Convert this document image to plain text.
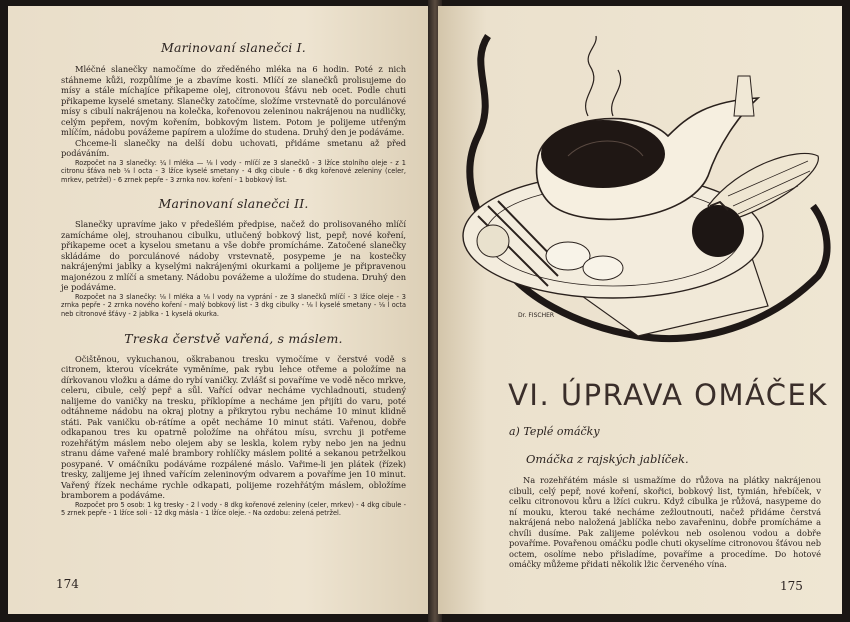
Marinovaní slanečci I.

Mléčné slanečky namočíme do zředěného mléka na 6 hodin. Poté z nich stáhneme kůži, rozpůlíme je a zbavíme kosti. Mlíčí ze slanečků prolisujeme do mísy a stále míchajíce přikapeme olej, citronovou šťávu neb ocet. Podle chuti přikapeme kyselé smetany. Slanečky zatočíme, složíme vrstevnatě do porculánové mísy s cibulí nakrájenou na kolečka, kořenovou zeleninou nakrájenou na nudličky, celým pepřem, novým kořením, bobkovým listem. Potom je polijeme utřeným mlíčím, nádobu povážeme papírem a uložíme do studena. Druhý den je podáváme.

Chceme-li slanečky na delší dobu uchovati, přidáme smetanu až před podáváním.

Rozpočet na 3 slanečky: ¼ l mléka — ⅛ l vody - mlíčí ze 3 slanečků - 3 lžíce stolního oleje - z 1 citronu šťáva neb ⅛ l octa - 3 lžíce kyselé smetany - 4 dkg cibule - 6 dkg kořenové zeleniny (celer, mrkev, petržel) - 6 zrnek pepře - 3 zrnka nov. koření - 1 bobkový list.

Marinovaní slanečci II.

Slanečky upravíme jako v předešlém předpise, načež do prolisovaného mlíčí zamícháme olej, strouhanou cibulku, utlučený bobkový list, pepř, nové koření, přikapeme ocet a kyselou smetanu a vše dobře promícháme. Zatočené slanečky skládáme do porculánové nádoby vrstevnatě, posypeme je na kostečky nakrájenými jablky a kyselými nakrájenými okurkami a polijeme je připravenou majonézou z mlíčí a smetany. Nádobu povážeme a uložíme do studena. Druhý den je podáváme.

Rozpočet na 3 slanečky: ⅛ l mléka a ⅛ l vody na vyprání - ze 3 slanečků mlíčí - 3 lžíce oleje - 3 zrnka pepře - 2 zrnka nového koření - malý bobkový list - 3 dkg cibulky - ⅛ l kyselé smetany - ⅛ l octa neb citronové šťávy - 2 jablka - 1 kyselá okurka.

Treska čerstvě vařená, s máslem.

Očištěnou, vykuchanou, oškrabanou tresku vymočíme v čerstvé vodě s citronem, kterou vícekráte vyměníme, pak rybu lehce otřeme a položíme na dírkovanou vložku a dáme do rybí vaničky. Zvlášť si povaříme ve vodě něco mrkve, celeru, cibule, celý pepř a sůl. Vařící odvar necháme vychladnouti, studený nalijeme do vaničky na tresku, příklopíme a necháme jen přijíti do varu, poté odtáhneme nádobu na okraj plotny a přikrytou rybu necháme 10 minut klidně státi. Pak vaničku ob-rátíme a opět necháme 10 minut státi. Vařenou, dobře odkapanou tres ku opatrně položíme na ohřátou mísu, svrchu ji potřeme rozehřátým máslem nebo olejem aby se leskla, kolem ryby nebo jen na jednu stranu dáme vařené malé brambory rohlíčky máslem polité a sekanou petrželkou posypané. V omáčníku podáváme rozpálené máslo. Vařime-li jen plátek (řízek) tresky, zalijeme jej ihned vařícím zeleninovým odvarem a povaříme jen 10 minut. Vařený řízek necháme rychle odkapati, polijeme rozehřátým máslem, obložíme bramborem a podáváme.

Rozpočet pro 5 osob: 1 kg tresky - 2 l vody - 8 dkg kořenové zeleniny (celer, mrkev) - 4 dkg cibule - 5 zrnek pepře - 1 lžíce soli - 12 dkg másla - 1 lžíce oleje. - Na ozdobu: zelená petržel.

174
Dr. FISCHER
VI. ÚPRAVA OMÁČEK
a) Teplé omáčky
Omáčka z rajských jablíček.

Na rozehřátém másle si usmažíme do růžova na plátky nakrájenou cibuli, celý pepř, nové koření, skořici, bobkový list, tymián, hřebíček, v celku citronovou kůru a lžíci cukru. Když cibulka je růžová, nasypeme do ní mouku, kterou také necháme zežloutnouti, načež přidáme čerstvá nakrájená nebo naložená jablíčka nebo zavařeninu, dobře promícháme a chvíli dusíme. Pak zalijeme polévkou neb osolenou vodou a dobře povaříme. Povařenou omáčku podle chuti okyselíme citronovou šťávou neb octem, osolíme nebo přisladíme, povaříme a procedíme. Do hotové omáčky můžeme přidati několik lžic červeného vína.

175
